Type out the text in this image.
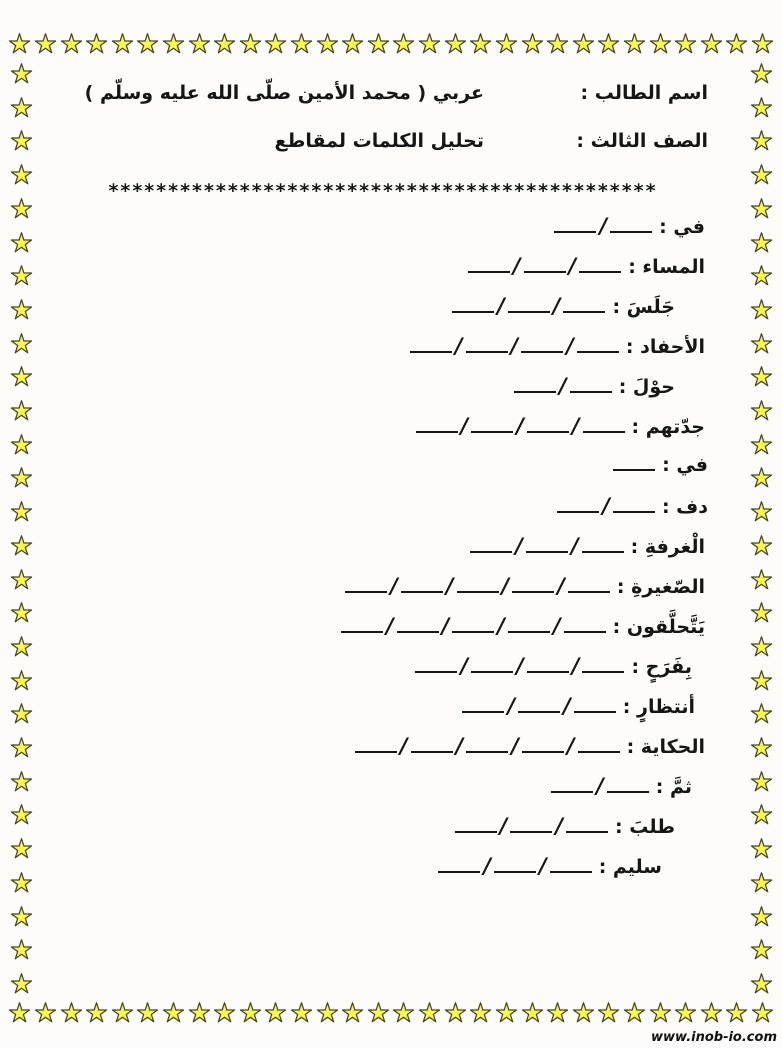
اسم الطالب :
عربي ( محمد الأمين صلّى الله عليه وسلّم )
الصف الثالث :
تحليل الكلمات لمقاطع
**********************************************
في :
/
المساء :
/
/
جَلَسَ :
/
/
الأحفاد :
/
/
/
حوْلَ :
/
جدّتهم :
/
/
/
في :
دف :
/
الْغرفةِ :
/
/
الصّغيرةِ :
/
/
/
/
يَتَّحلَّقون :
/
/
/
/
بِفَرَحٍ :
/
/
/
أنتظارٍ :
/
/
الحكاية :
/
/
/
/
ثمَّ :
/
طلبَ :
/
/
سليم :
/
/
www.inob-io.com
